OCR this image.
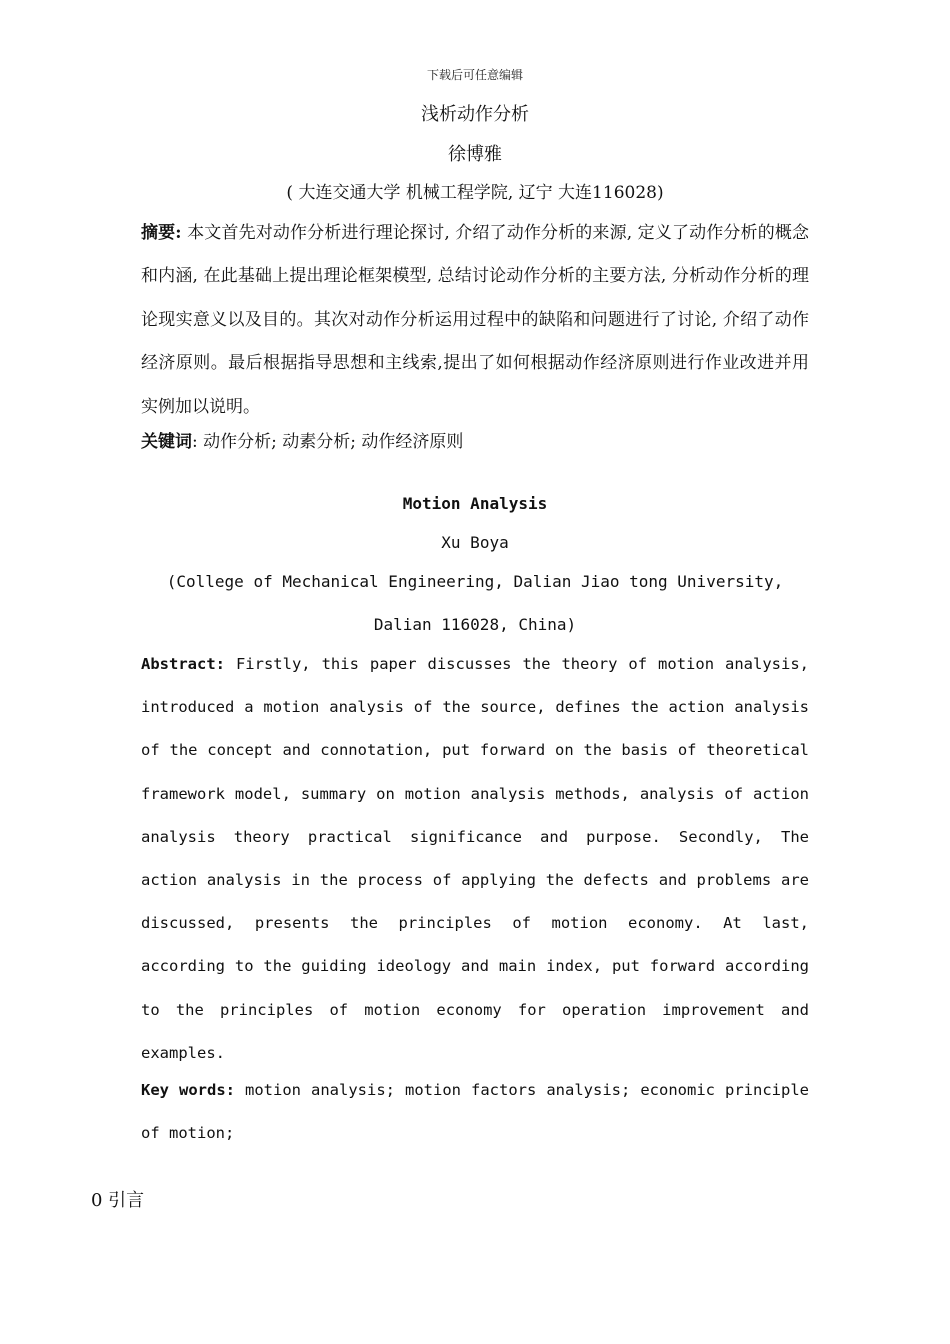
下载后可任意编辑
浅析动作分析
徐博雅
( 大连交通大学 机械工程学院, 辽宁 大连116028)
摘要: 本文首先对动作分析进行理论探讨, 介绍了动作分析的来源, 定义了动作分析的概念和内涵, 在此基础上提出理论框架模型, 总结讨论动作分析的主要方法, 分析动作分析的理论现实意义以及目的。其次对动作分析运用过程中的缺陷和问题进行了讨论, 介绍了动作经济原则。最后根据指导思想和主线索,提出了如何根据动作经济原则进行作业改进并用实例加以说明。
关键词: 动作分析; 动素分析; 动作经济原则
Motion Analysis
Xu Boya
(College of Mechanical Engineering, Dalian Jiao tong University,
Dalian 116028, China)
Abstract: Firstly, this paper discusses the theory of motion analysis, introduced a motion analysis of the source, defines the action analysis of the concept and connotation, put forward on the basis of theoretical framework model, summary on motion analysis methods, analysis of action analysis theory practical significance and purpose. Secondly, The action analysis in the process of applying the defects and problems are discussed, presents the principles of motion economy. At last, according to the guiding ideology and main index, put forward according to the principles of motion economy for operation improvement and examples.
Key words: motion analysis; motion factors analysis; economic principle of motion;
0 引言
